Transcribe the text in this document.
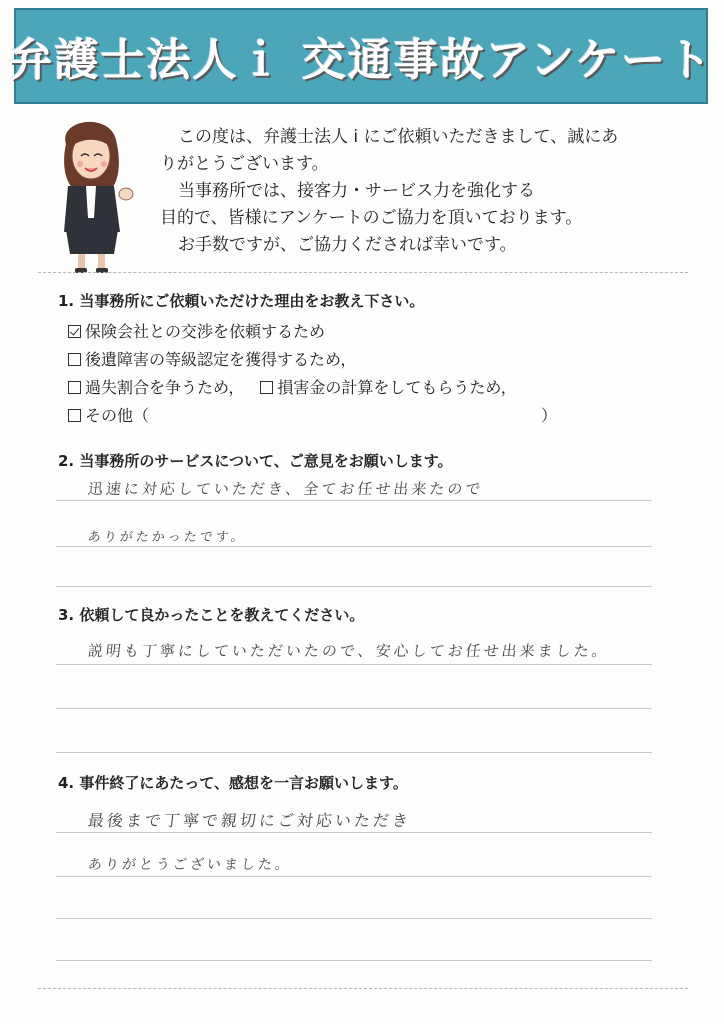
弁護士法人ｉ 交通事故アンケート

この度は、弁護士法人 i にご依頼いただきまして、誠にあ

りがとうございます。

当事務所では、接客力・サービス力を強化する

目的で、皆様にアンケートのご協力を頂いております。

お手数ですが、ご協力くだされば幸いです。

1. 当事務所にご依頼いただけた理由をお教え下さい。
保険会社との交渉を依頼するため
後遺障害の等級認定を獲得するため，
過失割合を争うため， 損害金の計算をしてもらうため，
その他（	）
2. 当事務所のサービスについて、ご意見をお願いします。
迅速に対応していただき、全てお任せ出来たので
ありがたかったです。
3. 依頼して良かったことを教えてください。
説明も丁寧にしていただいたので、安心してお任せ出来ました。
4. 事件終了にあたって、感想を一言お願いします。
最後まで丁寧で親切にご対応いただき
ありがとうございました。
